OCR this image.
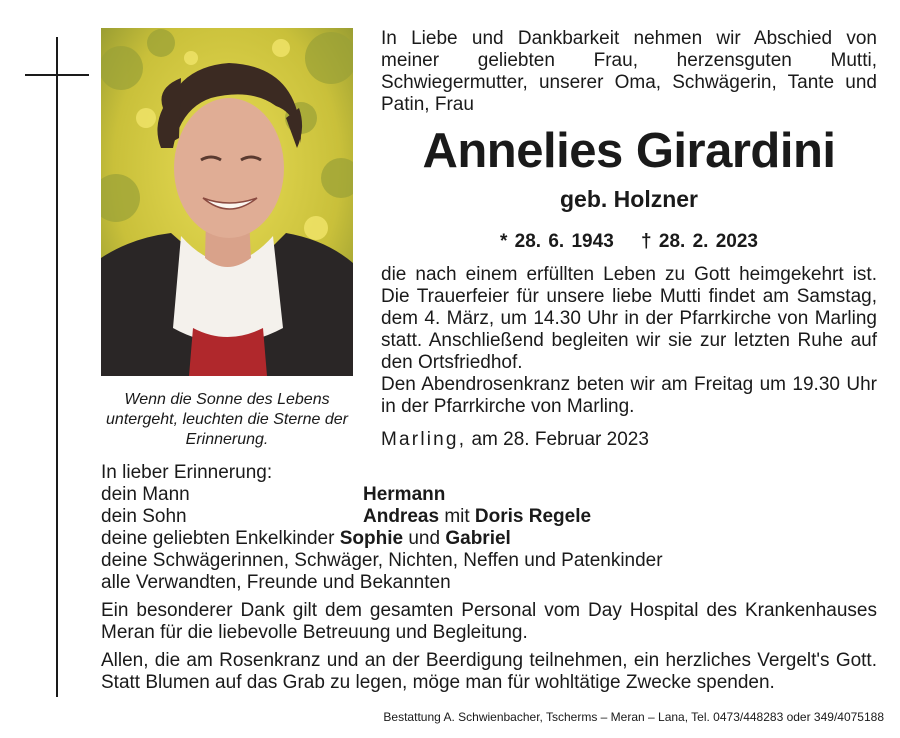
Wenn die Sonne des Lebens untergeht, leuchten die Sterne der Erinnerung.
In Liebe und Dankbarkeit nehmen wir Abschied von meiner geliebten Frau, herzensguten Mutti, Schwiegermutter, unserer Oma, Schwägerin, Tante und Patin, Frau
Annelies Girardini
geb. Holzner
* 28. 6. 1943 † 28. 2. 2023

die nach einem erfüllten Leben zu Gott heimgekehrt ist. Die Trauerfeier für unsere liebe Mutti findet am Samstag, dem 4. März, um 14.30 Uhr in der Pfarrkirche von Marling statt. Anschließend begleiten wir sie zur letzten Ruhe auf den Ortsfriedhof.

Den Abendrosenkranz beten wir am Freitag um 19.30 Uhr in der Pfarrkirche von Marling.

Marling, am 28. Februar 2023
In lieber Erinnerung:
dein Mann	Hermann
dein Sohn	Andreas mit Doris Regele
deine geliebten Enkelkinder Sophie und Gabriel
deine Schwägerinnen, Schwäger, Nichten, Neffen und Patenkinder
alle Verwandten, Freunde und Bekannten

Ein besonderer Dank gilt dem gesamten Personal vom Day Hospital des Krankenhauses Meran für die liebevolle Betreuung und Begleitung.

Allen, die am Rosenkranz und an der Beerdigung teilnehmen, ein herzliches Vergelt's Gott. Statt Blumen auf das Grab zu legen, möge man für wohltätige Zwecke spenden.

Bestattung A. Schwienbacher, Tscherms – Meran – Lana, Tel. 0473/448283 oder 349/4075188
